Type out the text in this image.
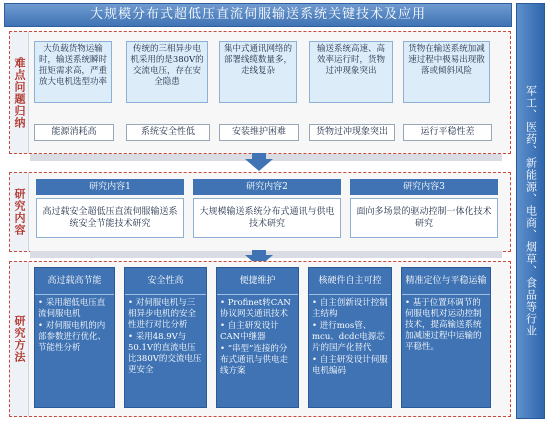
大规模分布式超低压直流伺服输送系统关键技术及应用
军工、医药、新能源、电商、烟草、食品等行业
难点问题归纳
大负载货物运输时，输送系统瞬时扭矩需求高，严重放大电机选型功率
传统的三相异步电机采用的是380V的交流电压，存在安全隐患
集中式通讯网络的部署线缆数量多，走线复杂
输送系统高速、高效率运行时，货物过冲现象突出
货物在输送系统加减速过程中极易出现散落或倾斜风险
能源消耗高	系统安全性低	安装维护困难	货物过冲现象突出	运行平稳性差
研究内容
研究内容1
高过载安全超低压直流伺服输送系统安全节能技术研究
研究内容2
大规模输送系统分布式通讯与供电技术研究
研究内容3
面向多场景的驱动控制一体化技术研究
研究方法
高过载高节能
• 采用超低电压直流伺服电机
• 对伺服电机的内部参数进行优化、节能性分析
安全性高
• 对伺服电机与三相异步电机的安全性进行对比分析
• 采用48.9V与50.1V的直流电压比380V的交流电压更安全
便捷维护
• Profinet转CAN协议网关通讯技术
• 自主研发设计CAN中继器
• “串型”连接的分布式通讯与供电走线方案
核硬件自主可控
• 自主创新设计控制主结构
• 进行mos管、mcu、dcdc电源芯片的国产化替代
• 自主研发设计伺服电机编码
精准定位与平稳运输
• 基于位置环调节的伺服电机对运动控制技术，提高输送系统加减速过程中运输的平稳性。
